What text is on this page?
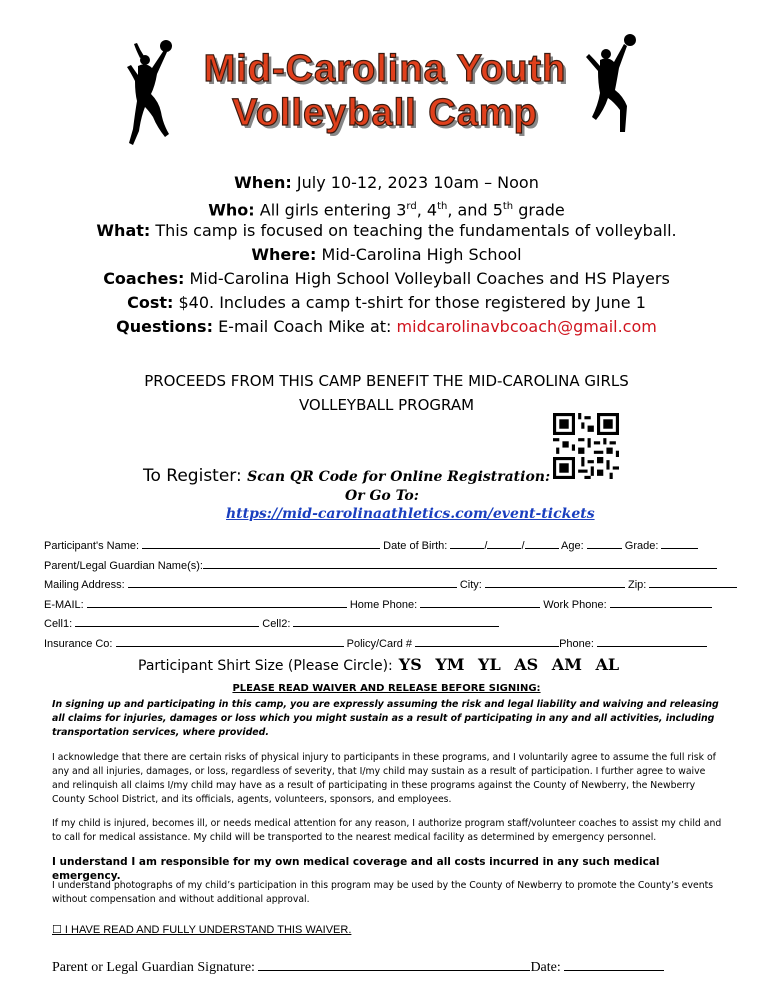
Mid-Carolina Youth
Volleyball Camp
When: July 10-12, 2023 10am – Noon
Who: All girls entering 3rd, 4th, and 5th grade
What: This camp is focused on teaching the fundamentals of volleyball.
Where: Mid-Carolina High School
Coaches: Mid-Carolina High School Volleyball Coaches and HS Players
Cost: $40. Includes a camp t-shirt for those registered by June 1
Questions: E-mail Coach Mike at: midcarolinavbcoach@gmail.com
PROCEEDS FROM THIS CAMP BENEFIT THE MID-CAROLINA GIRLS
VOLLEYBALL PROGRAM
To Register: Scan QR Code for Online Registration:
Or Go To:
https://mid-carolinaathletics.com/event-tickets
Participant's Name:	Date of Birth:	/	/	Age:	Grade:
Parent/Legal Guardian Name(s):
Mailing Address:	City:	Zip:
E-MAIL:	Home Phone:	Work Phone:
Cell1:	Cell2:
Insurance Co:	Policy/Card #	Phone:
Participant Shirt Size (Please Circle): YS YM YL AS AM AL
PLEASE READ WAIVER AND RELEASE BEFORE SIGNING:
In signing up and participating in this camp, you are expressly assuming the risk and legal liability and waiving and releasing all claims for injuries, damages or loss which you might sustain as a result of participating in any and all activities, including transportation services, where provided.
I acknowledge that there are certain risks of physical injury to participants in these programs, and I voluntarily agree to assume the full risk of any and all injuries, damages, or loss, regardless of severity, that I/my child may sustain as a result of participation. I further agree to waive and relinquish all claims I/my child may have as a result of participating in these programs against the County of Newberry, the Newberry County School District, and its officials, agents, volunteers, sponsors, and employees.
If my child is injured, becomes ill, or needs medical attention for any reason, I authorize program staff/volunteer coaches to assist my child and to call for medical assistance. My child will be transported to the nearest medical facility as determined by emergency personnel.
I understand I am responsible for my own medical coverage and all costs incurred in any such medical emergency.
I understand photographs of my child’s participation in this program may be used by the County of Newberry to promote the County’s events without compensation and without additional approval.
☐ I HAVE READ AND FULLY UNDERSTAND THIS WAIVER.
Parent or Legal Guardian Signature:	Date:
